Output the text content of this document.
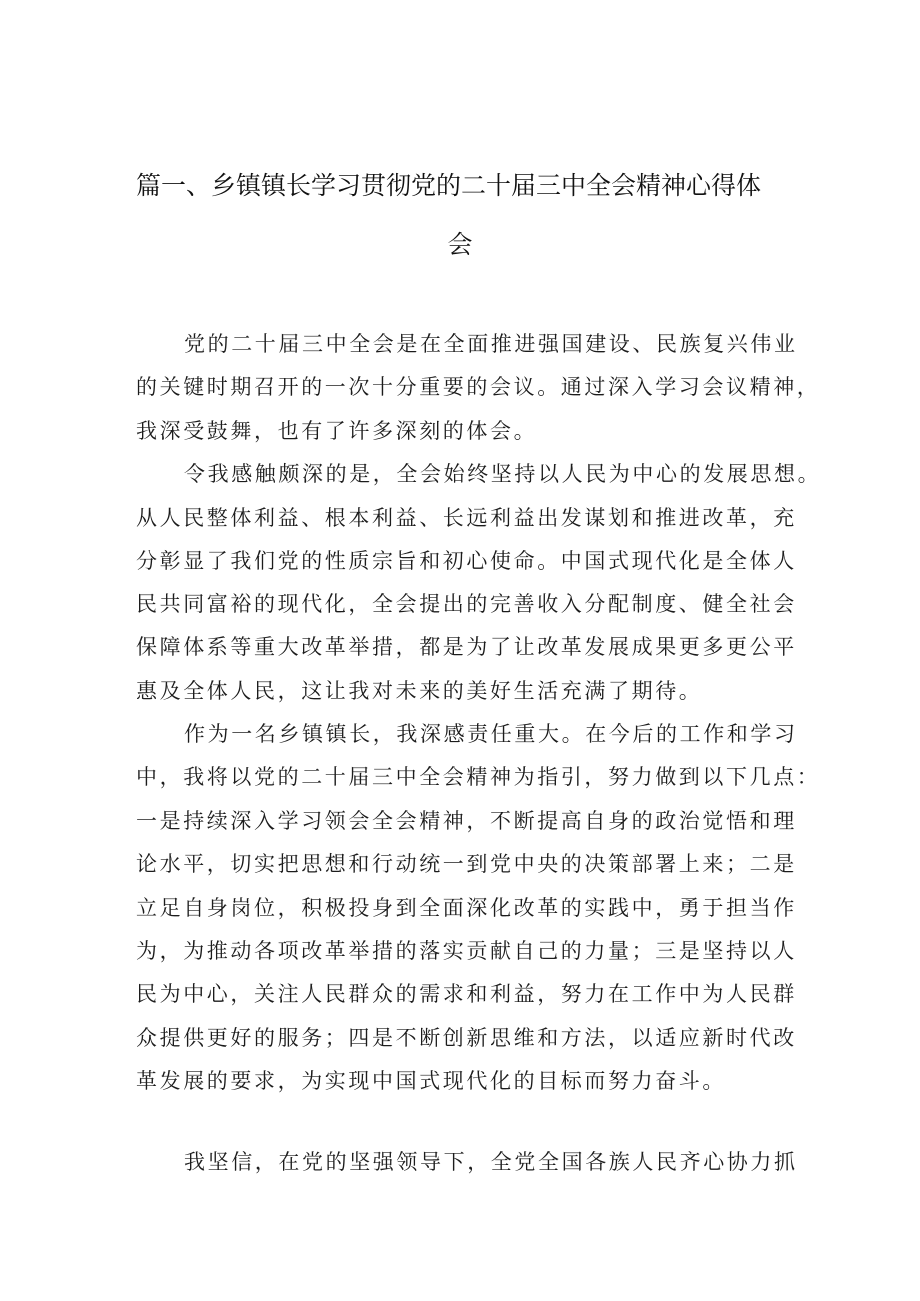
篇一、乡镇镇长学习贯彻党的二十届三中全会精神心得体
会

党的二十届三中全会是在全面推进强国建设、民族复兴伟业

的关键时期召开的一次十分重要的会议。通过深入学习会议精神，

我深受鼓舞，也有了许多深刻的体会。

令我感触颇深的是，全会始终坚持以人民为中心的发展思想。

从人民整体利益、根本利益、长远利益出发谋划和推进改革，充

分彰显了我们党的性质宗旨和初心使命。中国式现代化是全体人

民共同富裕的现代化，全会提出的完善收入分配制度、健全社会

保障体系等重大改革举措，都是为了让改革发展成果更多更公平

惠及全体人民，这让我对未来的美好生活充满了期待。

作为一名乡镇镇长，我深感责任重大。在今后的工作和学习

中，我将以党的二十届三中全会精神为指引，努力做到以下几点：

一是持续深入学习领会全会精神，不断提高自身的政治觉悟和理

论水平，切实把思想和行动统一到党中央的决策部署上来；二是

立足自身岗位，积极投身到全面深化改革的实践中，勇于担当作

为，为推动各项改革举措的落实贡献自己的力量；三是坚持以人

民为中心，关注人民群众的需求和利益，努力在工作中为人民群

众提供更好的服务；四是不断创新思维和方法，以适应新时代改

革发展的要求，为实现中国式现代化的目标而努力奋斗。

我坚信，在党的坚强领导下，全党全国各族人民齐心协力抓
